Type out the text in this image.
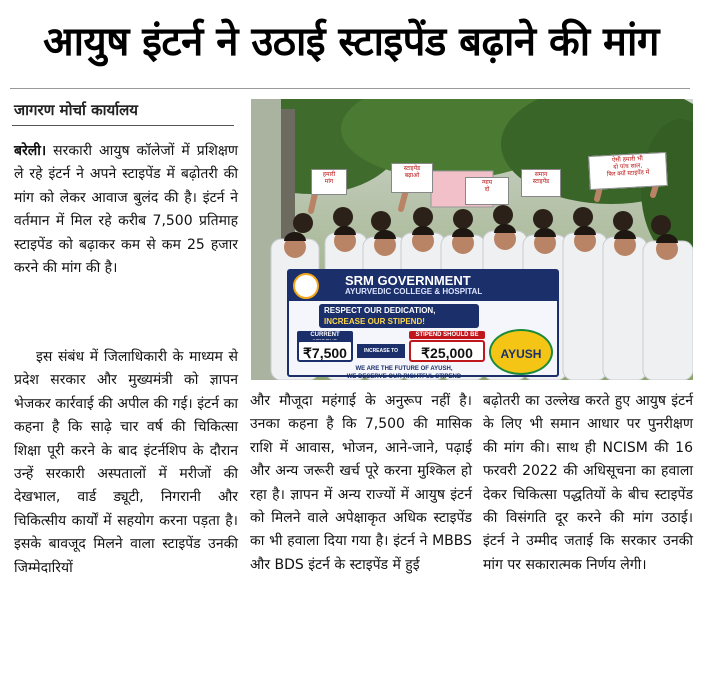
आयुष इंटर्न ने उठाई स्टाइपेंड बढ़ाने की मांग
जागरण मोर्चा कार्यालय

बरेली। सरकारी आयुष कॉलेजों में प्रशिक्षण ले रहे इंटर्न ने अपने स्टाइपेंड में बढ़ोतरी की मांग को लेकर आवाज बुलंद की है। इंटर्न ने वर्तमान में मिल रहे करीब 7,500 प्रतिमाह स्टाइपेंड को बढ़ाकर कम से कम 25 हजार करने की मांग की है।

इस संबंध में जिलाधिकारी के माध्यम से प्रदेश सरकार और मुख्यमंत्री को ज्ञापन भेजकर कार्रवाई की अपील की गई। इंटर्न का कहना है कि साढ़े चार वर्ष की चिकित्सा शिक्षा पूरी करने के बाद इंटर्नशिप के दौरान उन्हें सरकारी अस्पतालों में मरीजों की देखभाल, वार्ड ड्यूटी, निगरानी और चिकित्सीय कार्यों में सहयोग करना पड़ता है। इसके बावजूद मिलने वाला स्टाइपेंड उनकी जिम्मेदारियों

और मौजूदा महंगाई के अनुरूप नहीं है। उनका कहना है कि 7,500 की मासिक राशि में आवास, भोजन, आने-जाने, पढ़ाई और अन्य जरूरी खर्च पूरे करना मुश्किल हो रहा है। ज्ञापन में अन्य राज्यों में आयुष इंटर्न को मिलने वाले अपेक्षाकृत अधिक स्टाइपेंड का भी हवाला दिया गया है। इंटर्न ने MBBS और BDS इंटर्न के स्टाइपेंड में हुई

बढ़ोतरी का उल्लेख करते हुए आयुष इंटर्न के लिए भी समान आधार पर पुनरीक्षण की मांग की। साथ ही NCISM की 16 फरवरी 2022 की अधिसूचना का हवाला देकर चिकित्सा पद्धतियों के बीच स्टाइपेंड की विसंगति दूर करने की मांग उठाई। इंटर्न ने उम्मीद जताई कि सरकार उनकी मांग पर सकारात्मक निर्णय लेगी।

ऐसी हमारी भी
दो पांच साल,
फिर क्यों स्टाइपेंड में
स्टाइपेंड
बढ़ाओ
हमारी
मांग	न्याय
दो
समान
स्टाइपेंड
SRM GOVERNMENT
AYURVEDIC COLLEGE & HOSPITAL
RESPECT OUR DEDICATION,
INCREASE OUR STIPEND!
CURRENT
₹7,500	INCREASE TO
STIPEND SHOULD BE
₹25,000
WE ARE THE FUTURE OF AYUSH,
WE DESERVE OUR RIGHTFUL STIPEND
AYUSH
